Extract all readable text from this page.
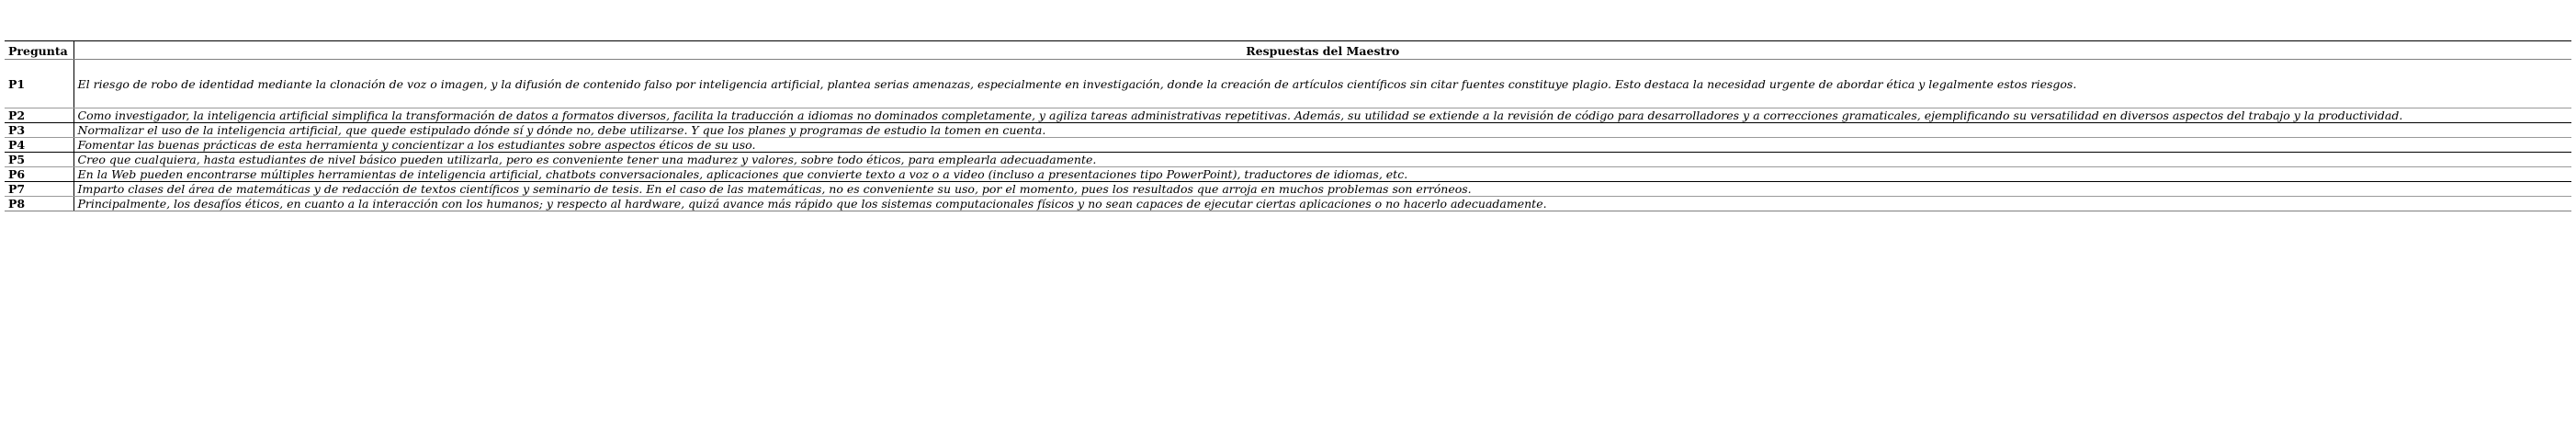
Pregunta	Respuestas del Maestro
P1	El riesgo de robo de identidad mediante la clonación de voz o imagen, y la difusión de contenido falso por inteligencia artificial, plantea serias amenazas, especialmente en investigación, donde la creación de artículos científicos sin citar fuentes constituye plagio. Esto destaca la necesidad urgente de abordar ética y legalmente estos riesgos.
P2	Como investigador, la inteligencia artificial simplifica la transformación de datos a formatos diversos, facilita la traducción a idiomas no dominados completamente, y agiliza tareas administrativas repetitivas. Además, su utilidad se extiende a la revisión de código para desarrolladores y a correcciones gramaticales, ejemplificando su versatilidad en diversos aspectos del trabajo y la productividad.
P3	Normalizar el uso de la inteligencia artificial, que quede estipulado dónde sí y dónde no, debe utilizarse. Y que los planes y programas de estudio la tomen en cuenta.
P4	Fomentar las buenas prácticas de esta herramienta y concientizar a los estudiantes sobre aspectos éticos de su uso.
P5	Creo que cualquiera, hasta estudiantes de nivel básico pueden utilizarla, pero es conveniente tener una madurez y valores, sobre todo éticos, para emplearla adecuadamente.
P6	En la Web pueden encontrarse múltiples herramientas de inteligencia artificial, chatbots conversacionales, aplicaciones que convierte texto a voz o a video (incluso a presentaciones tipo PowerPoint), traductores de idiomas, etc.
P7	Imparto clases del área de matemáticas y de redacción de textos científicos y seminario de tesis. En el caso de las matemáticas, no es conveniente su uso, por el momento, pues los resultados que arroja en muchos problemas son erróneos.
P8	Principalmente, los desafíos éticos, en cuanto a la interacción con los humanos; y respecto al hardware, quizá avance más rápido que los sistemas computacionales físicos y no sean capaces de ejecutar ciertas aplicaciones o no hacerlo adecuadamente.
